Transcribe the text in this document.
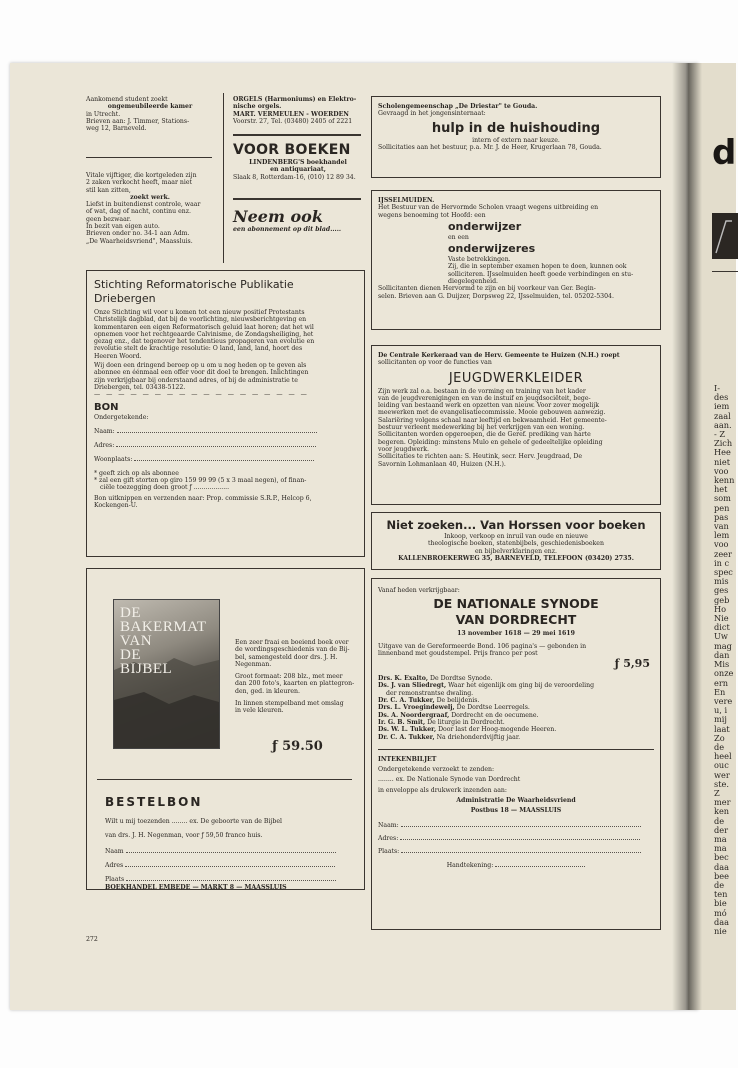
Aankomend student zoekt

ongemeubileerde kamer

in Utrecht.

Brieven aan: J. Timmer, Stations-

weg 12, Barneveld.

Vitale vijftiger, die kortgeleden zijn

2 zaken verkocht heeft, maar niet

stil kan zitten,

zoekt werk.

Liefst in buitendienst controle, waar

of wat, dag of nacht, continu enz.

geen bezwaar.

In bezit van eigen auto.

Brieven onder no. 34-1 aan Adm.

„De Waarheidsvriend", Maassluis.

ORGELS (Harmoniums) en Elektro-

nische orgels.

MART. VERMEULEN - WOERDEN

Voorstr. 27, Tel. (03480) 2405 of 2221

VOOR BOEKEN

LINDENBERG'S boekhandel

en antiquariaat,

Slaak 8, Rotterdam-16, (010) 12 89 34.

Neem ook

een abonnement op dit blad.....

Stichting Reformatorische Publikatie

Driebergen

Onze Stichting wil voor u komen tot een nieuw positief Protestants

Christelijk dagblad, dat bij de voorlichting, nieuwsberichtgeving en

kommentaren een eigen Reformatorisch geluid laat horen; dat het wil

opnemen voor het rechtgeaarde Calvinisme, de Zondagsheiliging, het

gezag enz., dat tegenover het tendentieus propageren van evolutie en

revolutie stelt de krachtige resolutie: O land, land, land, hoort des

Heeren Woord.

Wij doen een dringend beroep op u om u nog heden op te geven als

abonnee en éénmaal een offer voor dit doel te brengen. Inlichtingen

zijn verkrijgbaar bij onderstaand adres, of bij de administratie te

Driebergen, tel. 03438-5122.

— — — — — — — — — — — — — — — — — —

BON

Ondergetekende:

Naam:

Adres:

Woonplaats:

* geeft zich op als abonnee

* zal een gift storten op giro 159 99 99 (5 x 3 maal negen), of finan-

ciële toezegging doen groot ƒ ..................

Bon uitknippen en verzenden naar: Prop. commissie S.R.P., Helcop 6,

Kockengen-U.

DE

BAKERMAT

VAN

DE

BIJBEL

Een zeer fraai en boeiend boek over

de wordingsgeschiedenis van de Bij-

bel, samengesteld door drs. J. H.

Negenman.

Groot formaat: 208 blz., met meer

dan 200 foto's, kaarten en plattegron-

den, ged. in kleuren.

In linnen stempelband met omslag

in vele kleuren.

ƒ 59.50

BESTELBON

Wilt u mij toezenden ........ ex. De geboorte van de Bijbel

van drs. J. H. Negenman, voor ƒ 59,50 franco huis.

Naam

Adres

Plaats

BOEKHANDEL EMBEDE — MARKT 8 — MAASSLUIS

272

Scholengemeenschap „De Driestar" te Gouda.

Gevraagd in het jongensinternaat:

hulp in de huishouding

intern of extern naar keuze.

Sollicitaties aan het bestuur, p.a. Mr. J. de Heer, Krugerlaan 78, Gouda.

IJSSELMUIDEN.

Het Bestuur van de Hervormde Scholen vraagt wegens uitbreiding en

wegens benoeming tot Hoofd: een

onderwijzer

en een

onderwijzeres

Vaste betrekkingen.

Zij, die in september examen hopen te doen, kunnen ook

solliciteren. IJsselmuiden heeft goede verbindingen en stu-

diegelegenheid.

Sollicitanten dienen Hervormd te zijn en bij voorkeur van Ger. Begin-

selen. Brieven aan G. Duijzer, Dorpsweg 22, IJsselmuiden, tel. 05202-5304.

De Centrale Kerkeraad van de Herv. Gemeente te Huizen (N.H.) roept

sollicitanten op voor de functies van

JEUGDWERKLEIDER

Zijn werk zal o.a. bestaan in de vorming en training van het kader

van de jeugdverenigingen en van de instuif en jeugdsociëteit, bege-

leiding van bestaand werk en opzetten van nieuw. Voor zover mogelijk

meewerken met de evangelisatiecommissie. Mooie gebouwen aanwezig.

Salariëring volgens schaal naar leeftijd en bekwaamheid. Het gemeente-

bestuur verleent medewerking bij het verkrijgen van een woning.

Sollicitanten worden opgeroepen, die de Geref. prediking van harte

begeren. Opleiding: minstens Mulo en gehele of gedeeltelijke opleiding

voor jeugdwerk.

Sollicitaties te richten aan: S. Heutink, secr. Herv. Jeugdraad, De

Savornin Lohmanlaan 40, Huizen (N.H.).

Niet zoeken... Van Horssen voor boeken

Inkoop, verkoop en inruil van oude en nieuwe

theologische boeken, statenbijbels, geschiedenisboeken

en bijbelverklaringen enz.

KALLENBROEKERWEG 35, BARNEVELD, TELEFOON (03420) 2735.

Vanaf heden verkrijgbaar:

DE NATIONALE SYNODE

VAN DORDRECHT

13 november 1618 — 29 mei 1619

Uitgave van de Gereformeerde Bond. 106 pagina's — gebonden in

linnenband met goudstempel. Prijs franco per post

ƒ 5,95

Drs. K. Exalto, De Dordtse Synode.

Ds. J. van Sliedregt, Waar het eigenlijk om ging bij de veroordeling

der remonstrantse dwaling.

Dr. C. A. Tukker, De belijdenis.

Drs. L. Vroegindewelj, De Dordtse Leerregels.

Ds. A. Noordergraaf, Dordrecht en de oecumene.

Ir. G. B. Smit, De liturgie in Dordrecht.

Ds. W. L. Tukker, Door last der Hoog-mogende Heeren.

Dr. C. A. Tukker, Na driehonderdvijftig jaar.

INTEKENBILJET

Ondergetekende verzoekt te zenden:

........ ex. De Nationale Synode van Dordrecht

in enveloppe als drukwerk inzenden aan:

Administratie De Waarheidsvriend

Postbus 18 — MAASSLUIS

Naam:

Adres:

Plaats:

Handtekening:

d

I-

des

iem

zaal

aan.

- Z

Zich

Hee

niet

voo

kenn

het

som

pen

pas

van

lem

voo

zeer

in c

spec

mis

ges

geb

Ho

Nie

dict

Uw

mag

dan

Mis

onze

ern

En

vere

u, i

mij

laat

Zo

de

heel

ouc

wer

ste.

Z

mer

ken

de

der

ma

ma

bec

daa

bee

de

ten

bie

mó

daa

nie
